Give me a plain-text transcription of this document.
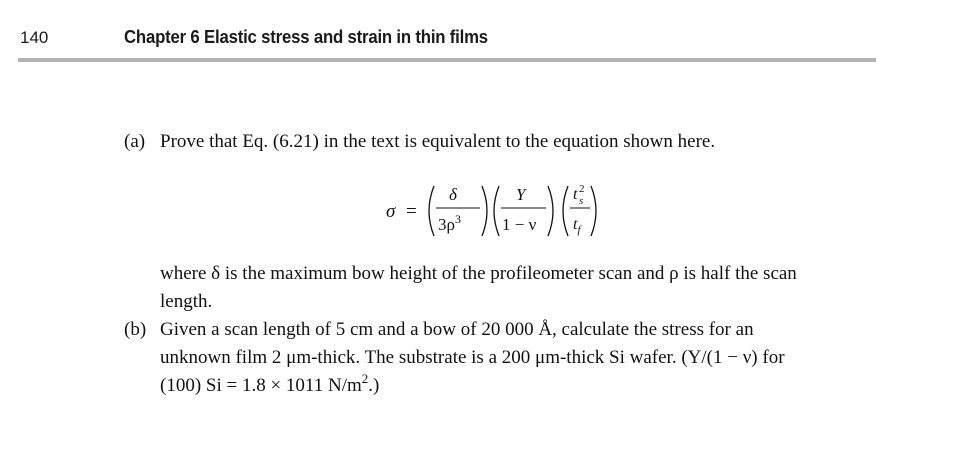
140	Chapter 6 Elastic stress and strain in thin films
(a) Prove that Eq. (6.21) in the text is equivalent to the equation shown here.
σ =
δ
$3\rho^3$
Y
1 − ν
t 2 s
$t_f$
where δ is the maximum bow height of the profileometer scan and ρ is half the scan
length.
(b) Given a scan length of 5 cm and a bow of 20 000 Å, calculate the stress for an
unknown film 2 μm-thick. The substrate is a 200 μm-thick Si wafer. (Y/(1 − ν) for
(100) Si = 1.8 × 1011 $N/m^2$.)
